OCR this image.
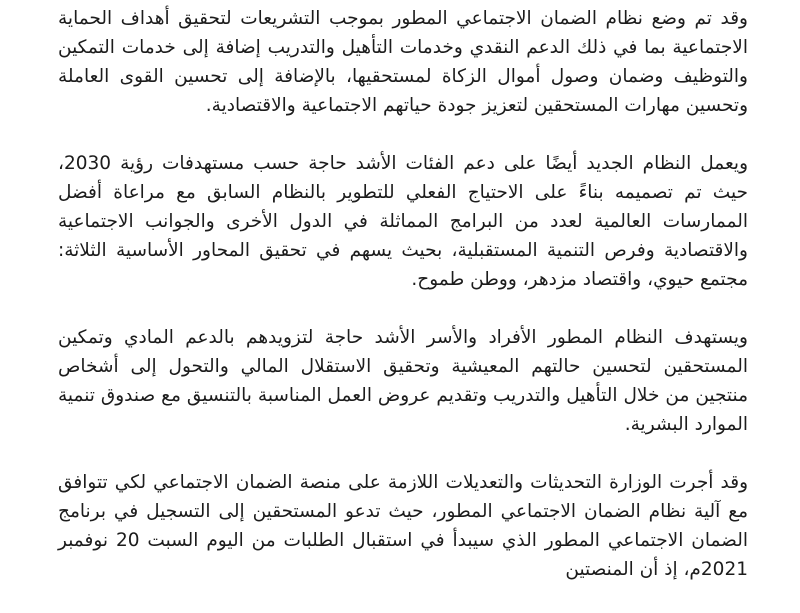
وقد تم وضع نظام الضمان الاجتماعي المطور بموجب التشريعات لتحقيق أهداف الحماية الاجتماعية بما في ذلك الدعم النقدي وخدمات التأهيل والتدريب إضافة إلى خدمات التمكين والتوظيف وضمان وصول أموال الزكاة لمستحقيها، بالإضافة إلى تحسين القوى العاملة وتحسين مهارات المستحقين لتعزيز جودة حياتهم الاجتماعية والاقتصادية.

ويعمل النظام الجديد أيضًا على دعم الفئات الأشد حاجة حسب مستهدفات رؤية 2030، حيث تم تصميمه بناءً على الاحتياج الفعلي للتطوير بالنظام السابق مع مراعاة أفضل الممارسات العالمية لعدد من البرامج المماثلة في الدول الأخرى والجوانب الاجتماعية والاقتصادية وفرص التنمية المستقبلية، بحيث يسهم في تحقيق المحاور الأساسية الثلاثة: مجتمع حيوي، واقتصاد مزدهر، ووطن طموح.

ويستهدف النظام المطور الأفراد والأسر الأشد حاجة لتزويدهم بالدعم المادي وتمكين المستحقين لتحسين حالتهم المعيشية وتحقيق الاستقلال المالي والتحول إلى أشخاص منتجين من خلال التأهيل والتدريب وتقديم عروض العمل المناسبة بالتنسيق مع صندوق تنمية الموارد البشرية.

وقد أجرت الوزارة التحديثات والتعديلات اللازمة على منصة الضمان الاجتماعي لكي تتوافق مع آلية نظام الضمان الاجتماعي المطور، حيث تدعو المستحقين إلى التسجيل في برنامج الضمان الاجتماعي المطور الذي سيبدأ في استقبال الطلبات من اليوم السبت 20 نوفمبر 2021م، إذ أن المنصتين
